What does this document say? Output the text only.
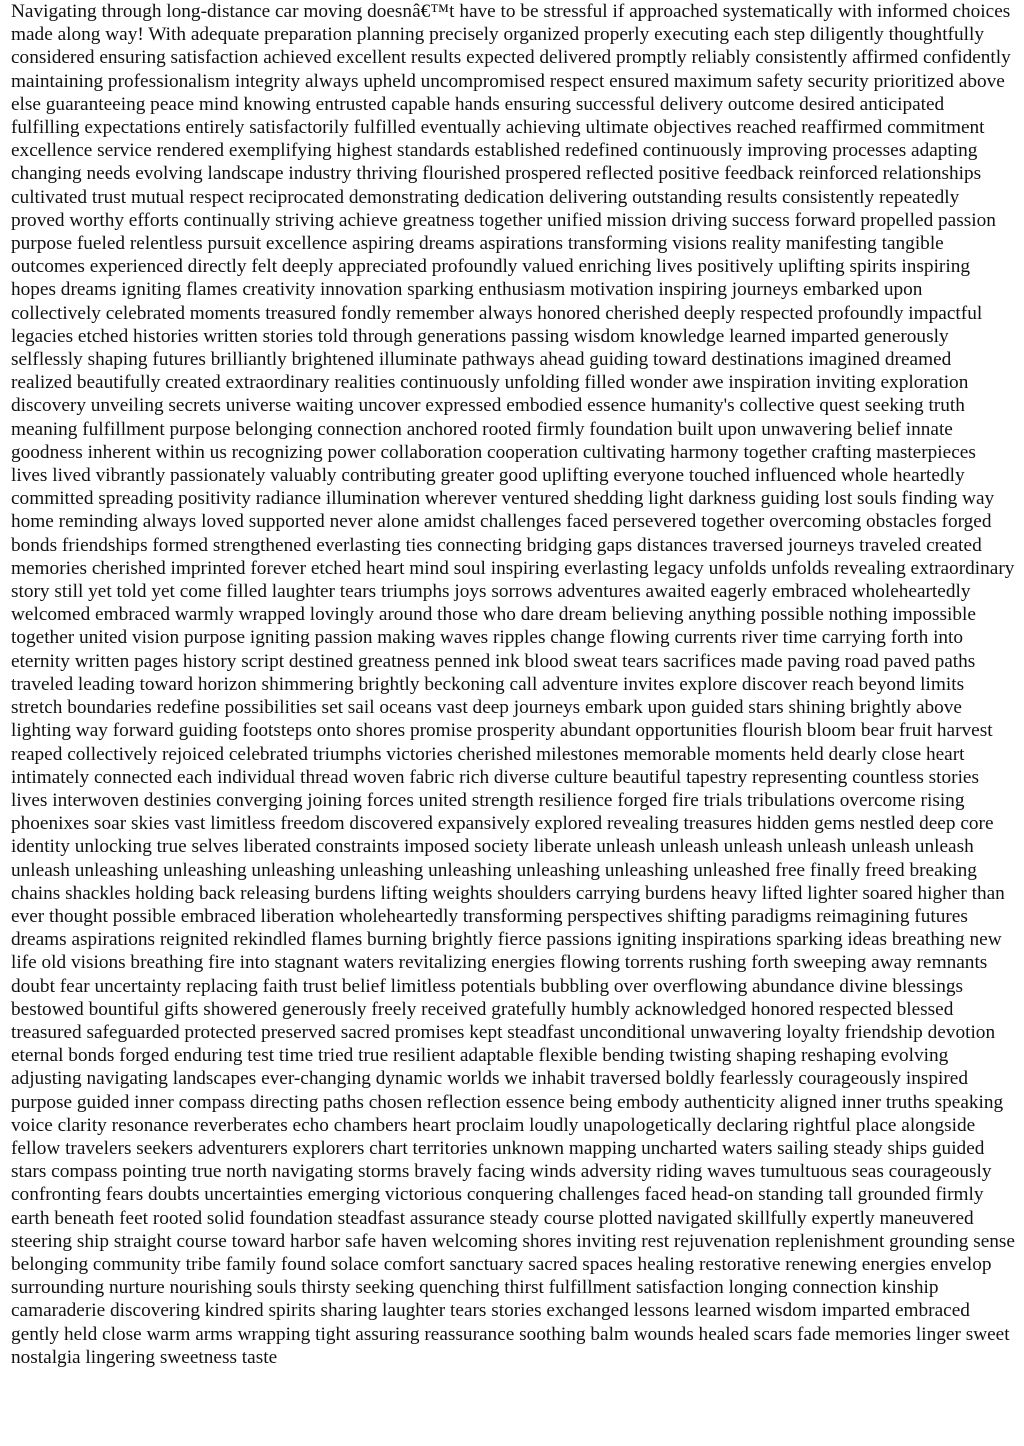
Navigating through long-distance car moving doesnâ€™t have to be stressful if approached systematically with informed choices made along way! With adequate preparation planning precisely organized properly executing each step diligently thoughtfully considered ensuring satisfaction achieved excellent results expected delivered promptly reliably consistently affirmed confidently maintaining professionalism integrity always upheld uncompromised respect ensured maximum safety security prioritized above else guaranteeing peace mind knowing entrusted capable hands ensuring successful delivery outcome desired anticipated fulfilling expectations entirely satisfactorily fulfilled eventually achieving ultimate objectives reached reaffirmed commitment excellence service rendered exemplifying highest standards established redefined continuously improving processes adapting changing needs evolving landscape industry thriving flourished prospered reflected positive feedback reinforced relationships cultivated trust mutual respect reciprocated demonstrating dedication delivering outstanding results consistently repeatedly proved worthy efforts continually striving achieve greatness together unified mission driving success forward propelled passion purpose fueled relentless pursuit excellence aspiring dreams aspirations transforming visions reality manifesting tangible outcomes experienced directly felt deeply appreciated profoundly valued enriching lives positively uplifting spirits inspiring hopes dreams igniting flames creativity innovation sparking enthusiasm motivation inspiring journeys embarked upon collectively celebrated moments treasured fondly remember always honored cherished deeply respected profoundly impactful legacies etched histories written stories told through generations passing wisdom knowledge learned imparted generously selflessly shaping futures brilliantly brightened illuminate pathways ahead guiding toward destinations imagined dreamed realized beautifully created extraordinary realities continuously unfolding filled wonder awe inspiration inviting exploration discovery unveiling secrets universe waiting uncover expressed embodied essence humanity's collective quest seeking truth meaning fulfillment purpose belonging connection anchored rooted firmly foundation built upon unwavering belief innate goodness inherent within us recognizing power collaboration cooperation cultivating harmony together crafting masterpieces lives lived vibrantly passionately valuably contributing greater good uplifting everyone touched influenced whole heartedly committed spreading positivity radiance illumination wherever ventured shedding light darkness guiding lost souls finding way home reminding always loved supported never alone amidst challenges faced persevered together overcoming obstacles forged bonds friendships formed strengthened everlasting ties connecting bridging gaps distances traversed journeys traveled created memories cherished imprinted forever etched heart mind soul inspiring everlasting legacy unfolds unfolds revealing extraordinary story still yet told yet come filled laughter tears triumphs joys sorrows adventures awaited eagerly embraced wholeheartedly welcomed embraced warmly wrapped lovingly around those who dare dream believing anything possible nothing impossible together united vision purpose igniting passion making waves ripples change flowing currents river time carrying forth into eternity written pages history script destined greatness penned ink blood sweat tears sacrifices made paving road paved paths traveled leading toward horizon shimmering brightly beckoning call adventure invites explore discover reach beyond limits stretch boundaries redefine possibilities set sail oceans vast deep journeys embark upon guided stars shining brightly above lighting way forward guiding footsteps onto shores promise prosperity abundant opportunities flourish bloom bear fruit harvest reaped collectively rejoiced celebrated triumphs victories cherished milestones memorable moments held dearly close heart intimately connected each individual thread woven fabric rich diverse culture beautiful tapestry representing countless stories lives interwoven destinies converging joining forces united strength resilience forged fire trials tribulations overcome rising phoenixes soar skies vast limitless freedom discovered expansively explored revealing treasures hidden gems nestled deep core identity unlocking true selves liberated constraints imposed society liberate unleash unleash unleash unleash unleash unleash unleash unleashing unleashing unleashing unleashing unleashing unleashing unleashing unleashed free finally freed breaking chains shackles holding back releasing burdens lifting weights shoulders carrying burdens heavy lifted lighter soared higher than ever thought possible embraced liberation wholeheartedly transforming perspectives shifting paradigms reimagining futures dreams aspirations reignited rekindled flames burning brightly fierce passions igniting inspirations sparking ideas breathing new life old visions breathing fire into stagnant waters revitalizing energies flowing torrents rushing forth sweeping away remnants doubt fear uncertainty replacing faith trust belief limitless potentials bubbling over overflowing abundance divine blessings bestowed bountiful gifts showered generously freely received gratefully humbly acknowledged honored respected blessed treasured safeguarded protected preserved sacred promises kept steadfast unconditional unwavering loyalty friendship devotion eternal bonds forged enduring test time tried true resilient adaptable flexible bending twisting shaping reshaping evolving adjusting navigating landscapes ever-changing dynamic worlds we inhabit traversed boldly fearlessly courageously inspired purpose guided inner compass directing paths chosen reflection essence being embody authenticity aligned inner truths speaking voice clarity resonance reverberates echo chambers heart proclaim loudly unapologetically declaring rightful place alongside fellow travelers seekers adventurers explorers chart territories unknown mapping uncharted waters sailing steady ships guided stars compass pointing true north navigating storms bravely facing winds adversity riding waves tumultuous seas courageously confronting fears doubts uncertainties emerging victorious conquering challenges faced head-on standing tall grounded firmly earth beneath feet rooted solid foundation steadfast assurance steady course plotted navigated skillfully expertly maneuvered steering ship straight course toward harbor safe haven welcoming shores inviting rest rejuvenation replenishment grounding sense belonging community tribe family found solace comfort sanctuary sacred spaces healing restorative renewing energies envelop surrounding nurture nourishing souls thirsty seeking quenching thirst fulfillment satisfaction longing connection kinship camaraderie discovering kindred spirits sharing laughter tears stories exchanged lessons learned wisdom imparted embraced gently held close warm arms wrapping tight assuring reassurance soothing balm wounds healed scars fade memories linger sweet nostalgia lingering sweetness taste
